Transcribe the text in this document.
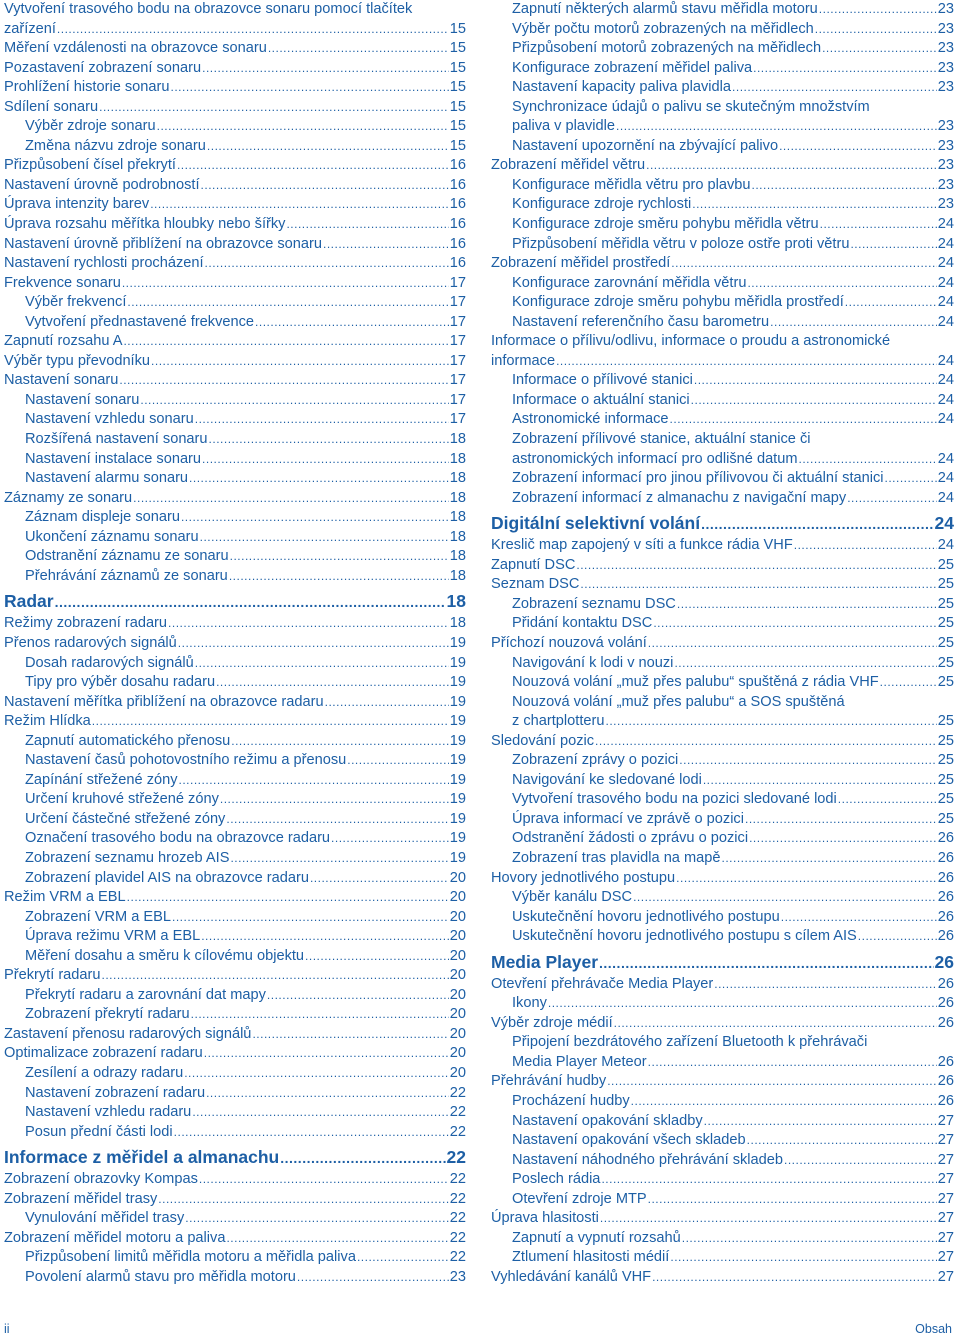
Vytvoření trasového bodu na obrazovce sonaru pomocí tlačítek
zařízení .....	15
Měření vzdálenosti na obrazovce sonaru .....	15
Pozastavení zobrazení sonaru .....	15
Prohlížení historie sonaru .....	15
Sdílení sonaru .....	15
Výběr zdroje sonaru .....	15
Změna názvu zdroje sonaru .....	15
Přizpůsobení čísel překrytí .....	16
Nastavení úrovně podrobností .....	16
Úprava intenzity barev .....	16
Úprava rozsahu měřítka hloubky nebo šířky .....	16
Nastavení úrovně přiblížení na obrazovce sonaru .....	16
Nastavení rychlosti procházení .....	16
Frekvence sonaru .....	17
Výběr frekvencí .....	17
Vytvoření přednastavené frekvence .....	17
Zapnutí rozsahu A .....	17
Výběr typu převodníku .....	17
Nastavení sonaru .....	17
Nastavení sonaru .....	17
Nastavení vzhledu sonaru .....	17
Rozšířená nastavení sonaru .....	18
Nastavení instalace sonaru .....	18
Nastavení alarmu sonaru .....	18
Záznamy ze sonaru .....	18
Záznam displeje sonaru .....	18
Ukončení záznamu sonaru .....	18
Odstranění záznamu ze sonaru .....	18
Přehrávání záznamů ze sonaru .....	18
Radar .....	18
Režimy zobrazení radaru .....	18
Přenos radarových signálů .....	19
Dosah radarových signálů .....	19
Tipy pro výběr dosahu radaru .....	19
Nastavení měřítka přiblížení na obrazovce radaru .....	19
Režim Hlídka .....	19
Zapnutí automatického přenosu .....	19
Nastavení časů pohotovostního režimu a přenosu .....	19
Zapínání střežené zóny .....	19
Určení kruhové střežené zóny .....	19
Určení částečné střežené zóny .....	19
Označení trasového bodu na obrazovce radaru .....	19
Zobrazení seznamu hrozeb AIS .....	19
Zobrazení plavidel AIS na obrazovce radaru .....	20
Režim VRM a EBL .....	20
Zobrazení VRM a EBL .....	20
Úprava režimu VRM a EBL .....	20
Měření dosahu a směru k cílovému objektu .....	20
Překrytí radaru .....	20
Překrytí radaru a zarovnání dat mapy .....	20
Zobrazení překrytí radaru .....	20
Zastavení přenosu radarových signálů .....	20
Optimalizace zobrazení radaru .....	20
Zesílení a odrazy radaru .....	20
Nastavení zobrazení radaru .....	22
Nastavení vzhledu radaru .....	22
Posun přední části lodi .....	22
Informace z měřidel a almanachu .....	22
Zobrazení obrazovky Kompas .....	22
Zobrazení měřidel trasy .....	22
Vynulování měřidel trasy .....	22
Zobrazení měřidel motoru a paliva .....	22
Přizpůsobení limitů měřidla motoru a měřidla paliva .....	22
Povolení alarmů stavu pro měřidla motoru .....	23
Zapnutí některých alarmů stavu měřidla motoru .....	23
Výběr počtu motorů zobrazených na měřidlech .....	23
Přizpůsobení motorů zobrazených na měřidlech .....	23
Konfigurace zobrazení měřidel paliva .....	23
Nastavení kapacity paliva plavidla .....	23
Synchronizace údajů o palivu se skutečným množstvím
paliva v plavidle .....	23
Nastavení upozornění na zbývající palivo .....	23
Zobrazení měřidel větru .....	23
Konfigurace měřidla větru pro plavbu .....	23
Konfigurace zdroje rychlosti .....	23
Konfigurace zdroje směru pohybu měřidla větru .....	24
Přizpůsobení měřidla větru v poloze ostře proti větru .....	24
Zobrazení měřidel prostředí .....	24
Konfigurace zarovnání měřidla větru .....	24
Konfigurace zdroje směru pohybu měřidla prostředí .....	24
Nastavení referenčního času barometru .....	24
Informace o přílivu/odlivu, informace o proudu a astronomické
informace .....	24
Informace o přílivové stanici .....	24
Informace o aktuální stanici .....	24
Astronomické informace .....	24
Zobrazení přílivové stanice, aktuální stanice či
astronomických informací pro odlišné datum .....	24
Zobrazení informací pro jinou přílivovou či aktuální stanici .....	24
Zobrazení informací z almanachu z navigační mapy .....	24
Digitální selektivní volání .....	24
Kreslič map zapojený v síti a funkce rádia VHF .....	24
Zapnutí DSC .....	25
Seznam DSC .....	25
Zobrazení seznamu DSC .....	25
Přidání kontaktu DSC .....	25
Příchozí nouzová volání .....	25
Navigování k lodi v nouzi .....	25
Nouzová volání „muž přes palubu“ spuštěná z rádia VHF .....	25
Nouzová volání „muž přes palubu“ a SOS spuštěná
z chartplotteru .....	25
Sledování pozic .....	25
Zobrazení zprávy o pozici .....	25
Navigování ke sledované lodi .....	25
Vytvoření trasového bodu na pozici sledované lodi .....	25
Úprava informací ve zprávě o pozici .....	25
Odstranění žádosti o zprávu o pozici .....	26
Zobrazení tras plavidla na mapě .....	26
Hovory jednotlivého postupu .....	26
Výběr kanálu DSC .....	26
Uskutečnění hovoru jednotlivého postupu .....	26
Uskutečnění hovoru jednotlivého postupu s cílem AIS .....	26
Media Player .....	26
Otevření přehrávače Media Player .....	26
Ikony .....	26
Výběr zdroje médií .....	26
Připojení bezdrátového zařízení Bluetooth k přehrávači
Media Player Meteor .....	26
Přehrávání hudby .....	26
Procházení hudby .....	26
Nastavení opakování skladby .....	27
Nastavení opakování všech skladeb .....	27
Nastavení náhodného přehrávání skladeb .....	27
Poslech rádia .....	27
Otevření zdroje MTP .....	27
Úprava hlasitosti .....	27
Zapnutí a vypnutí rozsahů .....	27
Ztlumení hlasitosti médií .....	27
Vyhledávání kanálů VHF .....	27
ii	Obsah
